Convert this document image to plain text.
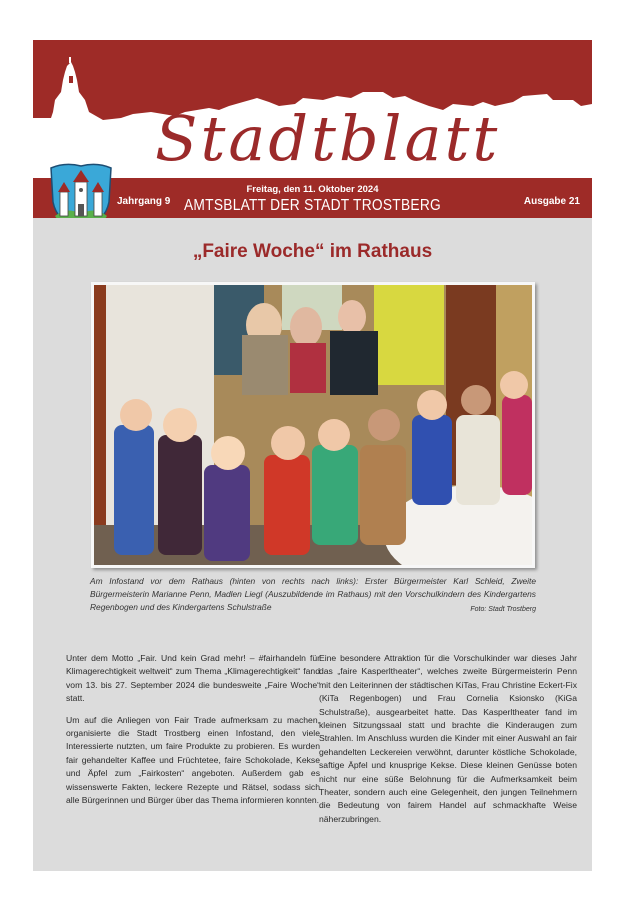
Stadtblatt
Jahrgang 9
Freitag, den 11. Oktober 2024
AMTSBLATT DER STADT TROSTBERG	Ausgabe 21
„Faire Woche“ im Rathaus
Am Infostand vor dem Rathaus (hinten von rechts nach links): Erster Bürgermeister Karl Schleid, Zweite Bürgermeisterin Marianne Penn, Madlen Liegl (Auszubildende im Rathaus) mit den Vorschulkindern des Kindergartens Regenbogen und des Kindergartens Schulstraße	Foto: Stadt Trostberg

Unter dem Motto „Fair. Und kein Grad mehr! – #fairhandeln für Klimagerechtigkeit weltweit“ zum Thema „Klimagerechtigkeit“ fand vom 13. bis 27. September 2024 die bundesweite „Faire Woche“ statt.

Um auf die Anliegen von Fair Trade aufmerksam zu machen, organisierte die Stadt Trostberg einen Infostand, den viele Interessierte nutzten, um faire Produkte zu probieren. Es wurden fair gehandelter Kaffee und Früchtetee, faire Schokolade, Kekse und Äpfel zum „Fairkosten“ angeboten. Außerdem gab es wissenswerte Fakten, leckere Rezepte und Rätsel, sodass sich alle Bürgerinnen und Bürger über das Thema informieren konnten.

Eine besondere Attraktion für die Vorschulkinder war dieses Jahr das „faire Kasperltheater“, welches zweite Bürgermeisterin Penn mit den Leiterinnen der städtischen KiTas, Frau Christine Eckert-Fix (KiTa Regenbogen) und Frau Cornelia Ksionsko (KiGa Schulstraße), ausgearbeitet hatte. Das Kasperltheater fand im kleinen Sitzungssaal statt und brachte die Kinderaugen zum Strahlen. Im Anschluss wurden die Kinder mit einer Auswahl an fair gehandelten Leckereien verwöhnt, darunter köstliche Schokolade, saftige Äpfel und knusprige Kekse. Diese kleinen Genüsse boten nicht nur eine süße Belohnung für die Aufmerksamkeit beim Theater, sondern auch eine Gelegenheit, den jungen Teilnehmern die Bedeutung von fairem Handel auf schmackhafte Weise näherzubringen.
